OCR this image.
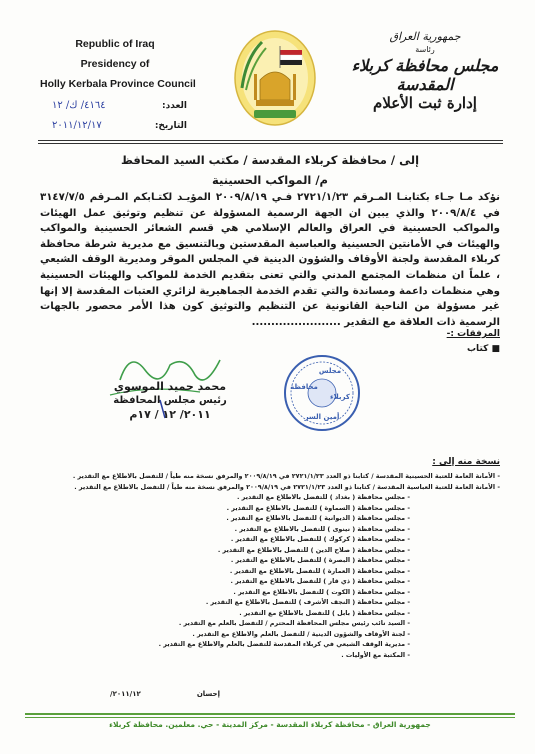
Republic of Iraq
Presidency of
Holly Kerbala Province Council
العدد:
٤١٦٤/ ك/ ١٢
التاريخ:
٢٠١١/١٢/١٧
جمهورية العراق
رئاسة
مجلس محافظة كربلاء المقدسة
إدارة ثبت الأعلام
إلى / محافظة كربلاء المقدسة / مكتب السيد المحافظ
م/ المواكب الحسينية
نؤكد مـا جـاء بكتابنـا المـرقم ٢٧٢١/١/٢٣ فـي ٢٠٠٩/٨/١٩ المؤيـد لكتـابكم المـرقم ٣١٤٧/٧/٥ في ٢٠٠٩/٨/٤ والذي يبين ان الجهة الرسمية المسؤولة عن تنظيم وتوثيق عمل الهيئات والمواكب الحسينية في العراق والعالم الإسلامي هي قسم الشعائر الحسينية والمواكب والهيئات في الأمانتين الحسينية والعباسية المقدستين وبالتنسيق مع مديرية شرطة محافظة كربلاء المقدسة ولجنة الأوقاف والشؤون الدينية في المجلس الموقر ومديرية الوقف الشيعي ، علماً ان منظمات المجتمع المدني والتي تعنى بتقديم الخدمة للمواكب والهيئات الحسينية وهي منظمات داعمة ومساندة والتي تقدم الخدمة الجماهيرية لزائري العتبات المقدسة إلا إنها غير مسؤولة من الناحية القانونية عن التنظيم والتوثيق كون هذا الأمر محصور بالجهات الرسمية ذات العلاقة مع التقدير .......................
المرفقات :-
■ كتاب
محمد حميد الموسوي
رئيس مجلس المحافظة
٢٠١١/ ١٢ / ١٧م
مجلس
محافظة
كربلاء
أمين السر
نسخة منه إلى :
- الأمانة العامة للعتبة الحسينية المقدسة / كتابنا ذو العدد ٢٧٢١/١/٢٣ في ٢٠٠٩/٨/١٩ والمرفق نسخة منه طياً / للتفضل بالاطلاع مع التقدير .
- الأمانة العامة للعتبة العباسية المقدسة / كتابنا ذو العدد ٢٧٢١/١/٢٣ في ٢٠٠٩/٨/١٩ والمرفق نسخة منه طياً / للتفضل بالاطلاع مع التقدير .
- مجلس محافظة ( بغداد ) للتفضل بالاطلاع مع التقدير .
- مجلس محافظة ( السماوة ) للتفضل بالاطلاع مع التقدير .
- مجلس محافظة ( الديوانية ) للتفضل بالاطلاع مع التقدير .
- مجلس محافظة ( نينوى ) للتفضل بالاطلاع مع التقدير .
- مجلس محافظة ( كركوك ) للتفضل بالاطلاع مع التقدير .
- مجلس محافظة ( صلاح الدين ) للتفضل بالاطلاع مع التقدير .
- مجلس محافظة ( البصرة ) للتفضل بالاطلاع مع التقدير .
- مجلس محافظة ( العمارة ) للتفضل بالاطلاع مع التقدير .
- مجلس محافظة ( ذي قار ) للتفضل بالاطلاع مع التقدير .
- مجلس محافظة ( الكوت ) للتفضل بالاطلاع مع التقدير .
- مجلس محافظة ( النجف الأشرف ) للتفضل بالاطلاع مع التقدير .
- مجلس محافظة ( بابل ) للتفضل بالاطلاع مع التقدير .
- السيد نائب رئيس مجلس المحافظة المحترم / للتفضل بالعلم مع التقدير .
- لجنة الأوقاف والشؤون الدينية / للتفضل بالعلم والاطلاع مع التقدير .
- مديرية الوقف الشيعي في كربلاء المقدسة للتفضل بالعلم والاطلاع مع التقدير .
- المكتبة مع الأوليات .
إحسان
٢٠١١/١٢/
جمهورية العراق - محافظة كربلاء المقدسة - مركز المدينة - حي. معلمين. محافظة كربلاء
